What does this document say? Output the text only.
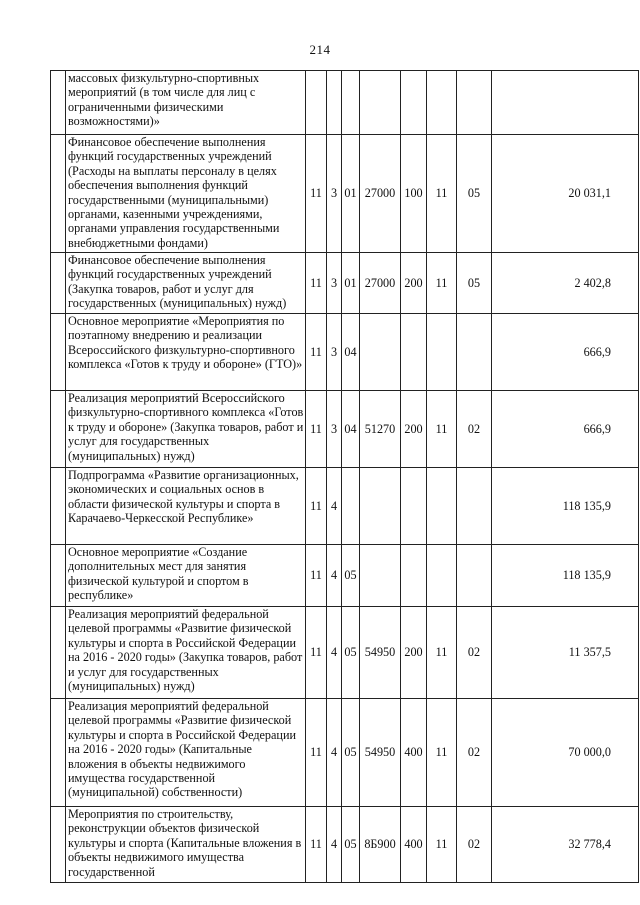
214
	массовых физкультурно-спортивных мероприятий (в том числе для лиц с ограниченными физическими возможностями)»								
	Финансовое обеспечение выполнения функций государственных учреждений (Расходы на выплаты персоналу в целях обеспечения выполнения функций государственными (муниципальными) органами, казенными учреждениями, органами управления государственными внебюджетными фондами)	11	3	01	27000	100	11	05	20 031,1
	Финансовое обеспечение выполнения функций государственных учреждений (Закупка товаров, работ и услуг для государственных (муниципальных) нужд)	11	3	01	27000	200	11	05	2 402,8
	Основное мероприятие «Мероприятия по поэтапному внедрению и реализации Всероссийского физкультурно-спортивного комплекса «Готов к труду и обороне» (ГТО)»	11	3	04					666,9
	Реализация мероприятий Всероссийского физкультурно-спортивного комплекса «Готов к труду и обороне» (Закупка товаров, работ и услуг для государственных (муниципальных) нужд)	11	3	04	51270	200	11	02	666,9
	Подпрограмма «Развитие организационных, экономических и социальных основ в области физической культуры и спорта в Карачаево-Черкесской Республике»	11	4						118 135,9
	Основное мероприятие «Создание дополнительных мест для занятия физической культурой и спортом в республике»	11	4	05					118 135,9
	Реализация мероприятий федеральной целевой программы «Развитие физической культуры и спорта в Российской Федерации на 2016 - 2020 годы» (Закупка товаров, работ и услуг для государственных (муниципальных) нужд)	11	4	05	54950	200	11	02	11 357,5
	Реализация мероприятий федеральной целевой программы «Развитие физической культуры и спорта в Российской Федерации на 2016 - 2020 годы» (Капитальные вложения в объекты недвижимого имущества государственной (муниципальной) собственности)	11	4	05	54950	400	11	02	70 000,0
	Мероприятия по строительству, реконструкции объектов физической культуры и спорта (Капитальные вложения в объекты недвижимого имущества государственной	11	4	05	8Б900	400	11	02	32 778,4
